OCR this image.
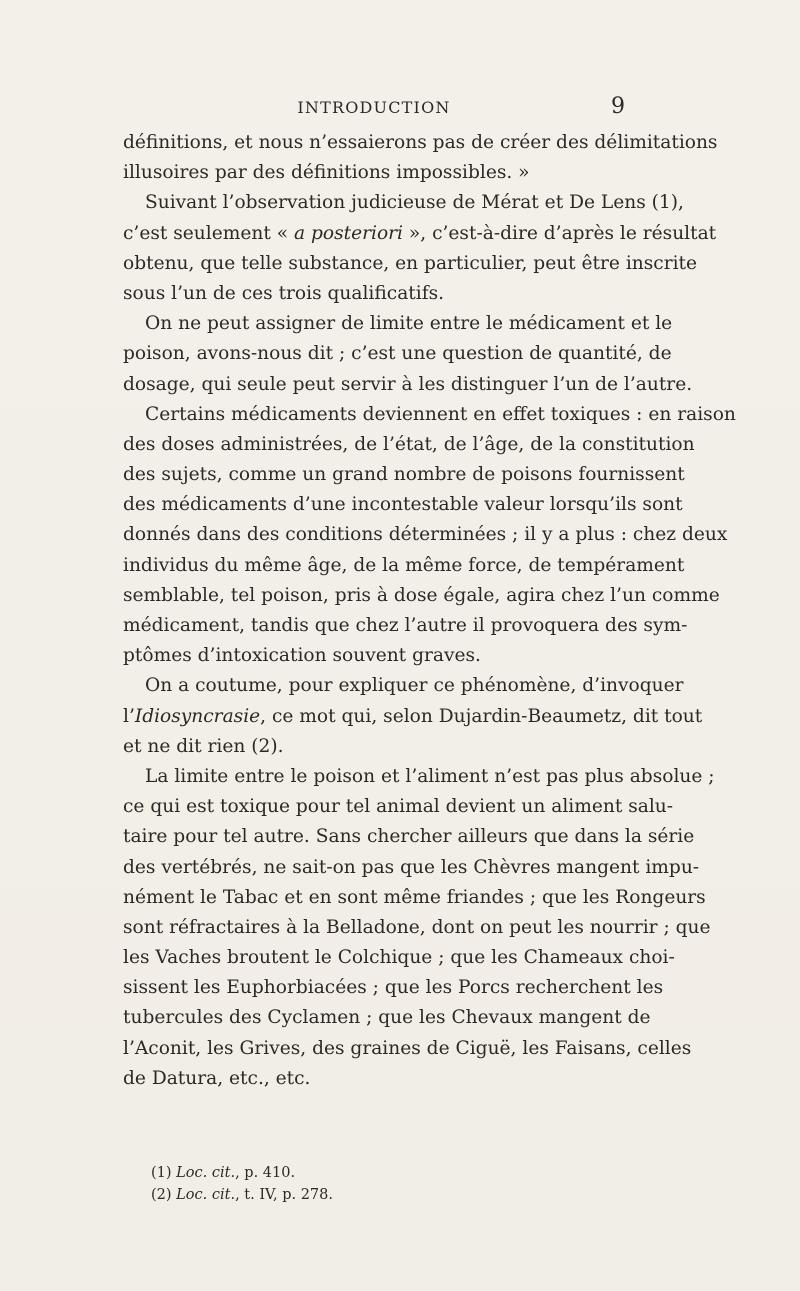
INTRODUCTION	9
définitions, et nous n’essaierons pas de créer des délimitations
illusoires par des définitions impossibles. »
Suivant l’observation judicieuse de Mérat et De Lens (1),
c’est seulement « a posteriori », c’est-à-dire d’après le résultat
obtenu, que telle substance, en particulier, peut être inscrite
sous l’un de ces trois qualificatifs.
On ne peut assigner de limite entre le médicament et le
poison, avons-nous dit ; c’est une question de quantité, de
dosage, qui seule peut servir à les distinguer l’un de l’autre.
Certains médicaments deviennent en effet toxiques : en raison
des doses administrées, de l’état, de l’âge, de la constitution
des sujets, comme un grand nombre de poisons fournissent
des médicaments d’une incontestable valeur lorsqu’ils sont
donnés dans des conditions déterminées ; il y a plus : chez deux
individus du même âge, de la même force, de tempérament
semblable, tel poison, pris à dose égale, agira chez l’un comme
médicament, tandis que chez l’autre il provoquera des sym-
ptômes d’intoxication souvent graves.
On a coutume, pour expliquer ce phénomène, d’invoquer
l’Idiosyncrasie, ce mot qui, selon Dujardin-Beaumetz, dit tout
et ne dit rien (2).
La limite entre le poison et l’aliment n’est pas plus absolue ;
ce qui est toxique pour tel animal devient un aliment salu-
taire pour tel autre. Sans chercher ailleurs que dans la série
des vertébrés, ne sait-on pas que les Chèvres mangent impu-
nément le Tabac et en sont même friandes ; que les Rongeurs
sont réfractaires à la Belladone, dont on peut les nourrir ; que
les Vaches broutent le Colchique ; que les Chameaux choi-
sissent les Euphorbiacées ; que les Porcs recherchent les
tubercules des Cyclamen ; que les Chevaux mangent de
l’Aconit, les Grives, des graines de Ciguë, les Faisans, celles
de Datura, etc., etc.
(1) Loc. cit., p. 410.
(2) Loc. cit., t. IV, p. 278.
